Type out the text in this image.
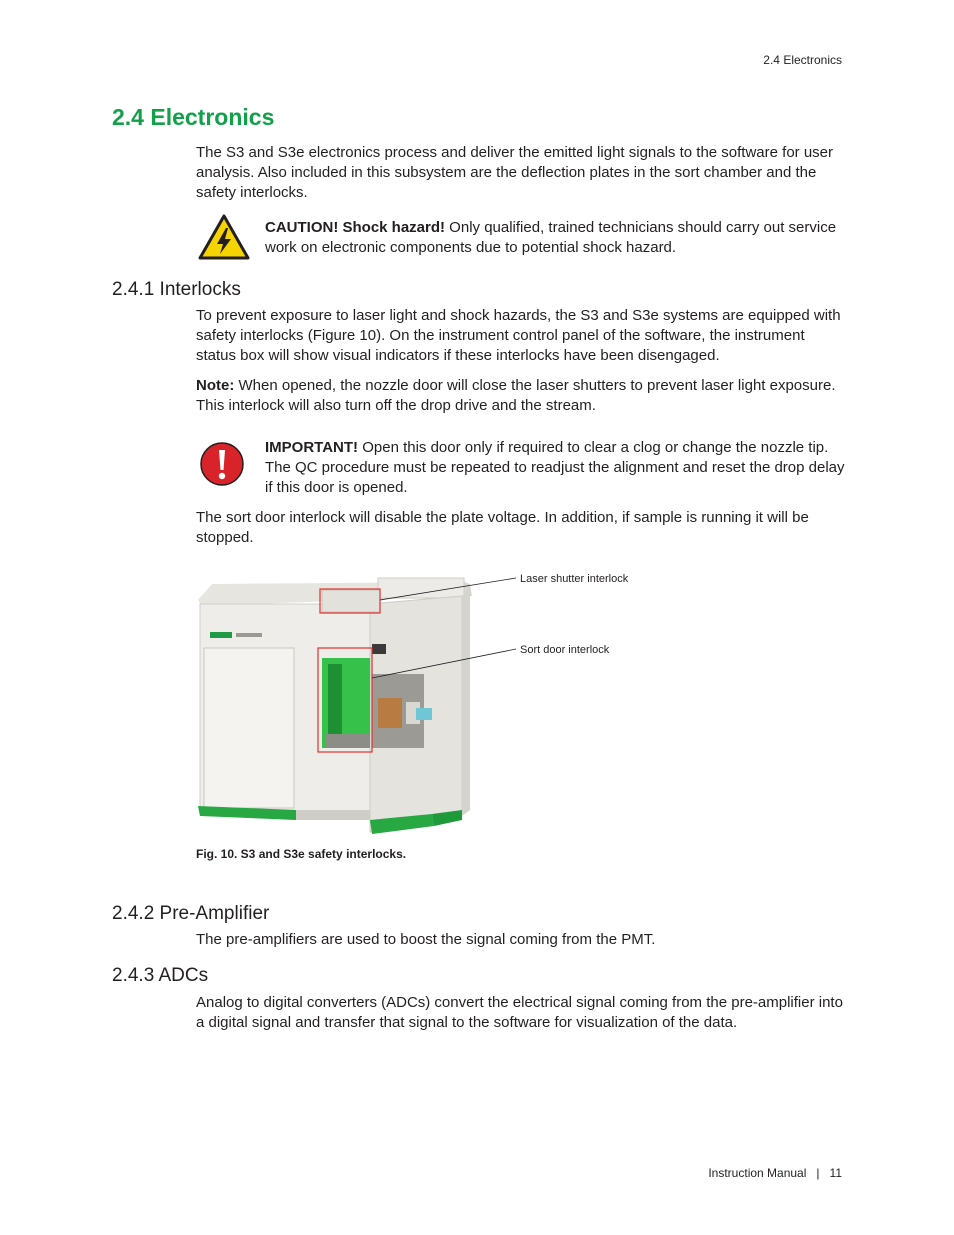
2.4 Electronics
2.4 Electronics

The S3 and S3e electronics process and deliver the emitted light signals to the software for user analysis. Also included in this subsystem are the deflection plates in the sort chamber and the safety interlocks.

CAUTION! Shock hazard! Only qualified, trained technicians should carry out service work on electronic components due to potential shock hazard.

2.4.1 Interlocks

To prevent exposure to laser light and shock hazards, the S3 and S3e systems are equipped with safety interlocks (Figure 10). On the instrument control panel of the software, the instrument status box will show visual indicators if these interlocks have been disengaged.

Note: When opened, the nozzle door will close the laser shutters to prevent laser light exposure. This interlock will also turn off the drop drive and the stream.

IMPORTANT! Open this door only if required to clear a clog or change the nozzle tip. The QC procedure must be repeated to readjust the alignment and reset the drop delay if this door is opened.

The sort door interlock will disable the plate voltage. In addition, if sample is running it will be stopped.

Laser shutter interlock
Sort door interlock
Fig. 10. S3 and S3e safety interlocks.
2.4.2 Pre-Amplifier

The pre-amplifiers are used to boost the signal coming from the PMT.

2.4.3 ADCs

Analog to digital converters (ADCs) convert the electrical signal coming from the pre-amplifier into a digital signal and transfer that signal to the software for visualization of the data.

Instruction Manual | 11
